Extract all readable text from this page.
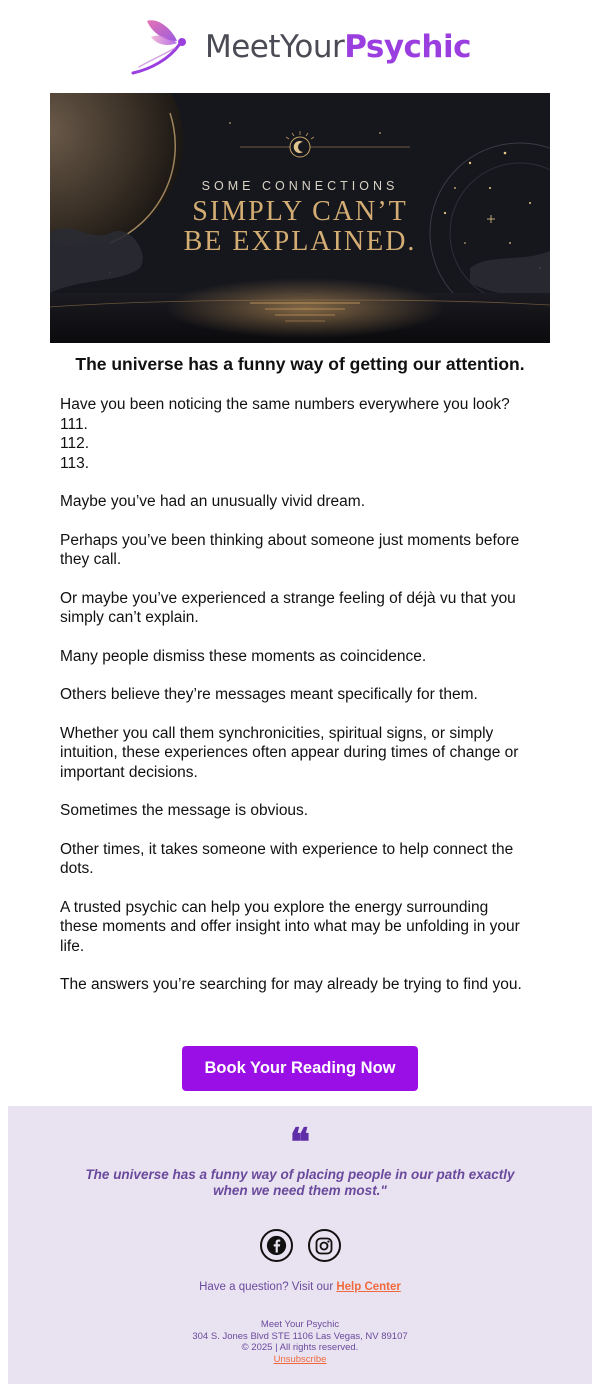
MeetYourPsychic
SOME CONNECTIONS
SIMPLY CAN’T
BE EXPLAINED.
The universe has a funny way of getting our attention.
Have you been noticing the same numbers everywhere you look?
111.
112.
113.
Maybe you’ve had an unusually vivid dream.
Perhaps you’ve been thinking about someone just moments before
they call.
Or maybe you’ve experienced a strange feeling of déjà vu that you
simply can’t explain.
Many people dismiss these moments as coincidence.
Others believe they’re messages meant specifically for them.
Whether you call them synchronicities, spiritual signs, or simply
intuition, these experiences often appear during times of change or
important decisions.
Sometimes the message is obvious.
Other times, it takes someone with experience to help connect the
dots.
A trusted psychic can help you explore the energy surrounding
these moments and offer insight into what may be unfolding in your
life.
The answers you’re searching for may already be trying to find you.
Book Your Reading Now
❝
The universe has a funny way of placing people in our path exactly
when we need them most."
Have a question? Visit our Help Center
Meet Your Psychic
304 S. Jones Blvd STE 1106 Las Vegas, NV 89107
© 2025 | All rights reserved.
Unsubscribe
